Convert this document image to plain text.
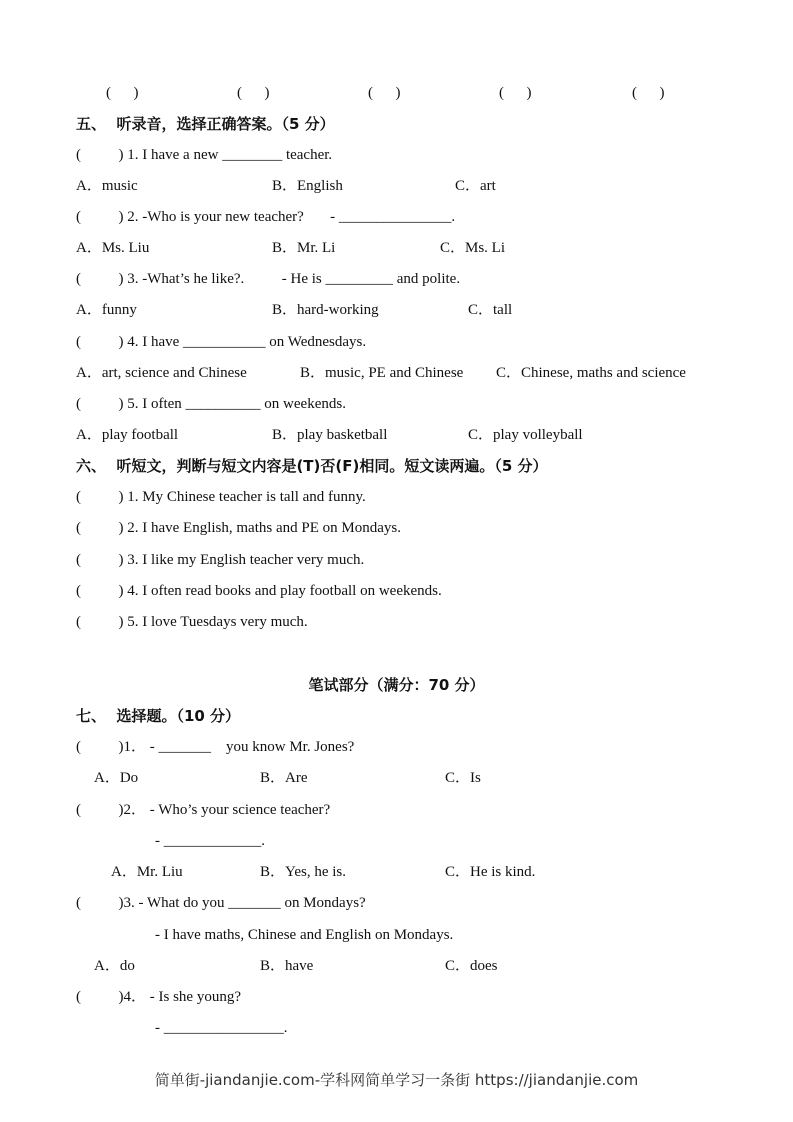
(      )	(      )	(      )	(      )	(      )
五、  听录音，选择正确答案。（5 分）
(          ) 1. I have a new ________ teacher.
A．music	B．English	C．art
(          ) 2. -Who is your new teacher?       - _______________.
A．Ms. Liu	B．Mr. Li	C．Ms. Li
(          ) 3. -What’s he like?.          - He is _________ and polite.
A．funny	B．hard-working	C．tall
(          ) 4. I have ___________ on Wednesdays.
A．art, science and Chinese	B．music, PE and Chinese C．Chinese, maths and science
(          ) 5. I often __________ on weekends.
A．play football	B．play basketball	C．play volleyball
六、  听短文，判断与短文内容是(T)否(F)相同。短文读两遍。（5 分）
(          ) 1. My Chinese teacher is tall and funny.
(          ) 2. I have English, maths and PE on Mondays.
(          ) 3. I like my English teacher very much.
(          ) 4. I often read books and play football on weekends.
(          ) 5. I love Tuesdays very much.
笔试部分（满分：70 分）
七、  选择题。（10 分）
(          )1． - _______    you know Mr. Jones?
A．Do	B．Are	C．Is
(          )2． - Who’s your science teacher?
- _____________.
A．Mr. Liu	B．Yes, he is.	C．He is kind.
(          )3. - What do you _______ on Mondays?
- I have maths, Chinese and English on Mondays.
A．do	B．have	C．does
(          )4． - Is she young?
- ________________.
简单街-jiandanjie.com-学科网简单学习一条街 https://jiandanjie.com
